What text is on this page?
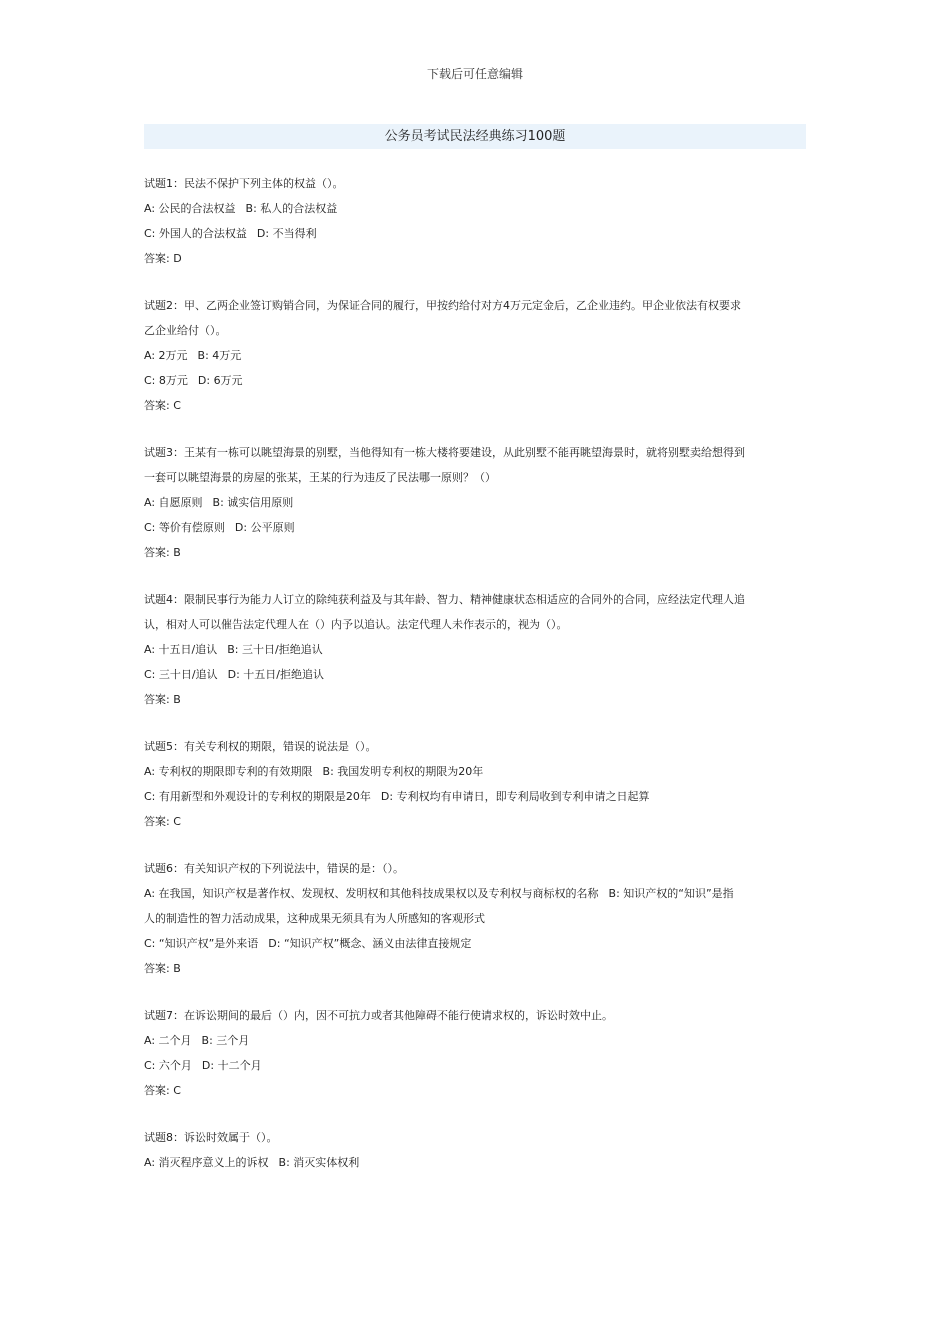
下载后可任意编辑
公务员考试民法经典练习100题

试题1：民法不保护下列主体的权益（）。

A: 公民的合法权益 B: 私人的合法权益

C: 外国人的合法权益 D: 不当得利

答案: D

试题2：甲、乙两企业签订购销合同，为保证合同的履行，甲按约给付对方4万元定金后，乙企业违约。甲企业依法有权要求

乙企业给付（）。

A: 2万元 B: 4万元

C: 8万元 D: 6万元

答案: C

试题3：王某有一栋可以眺望海景的别墅，当他得知有一栋大楼将要建设，从此别墅不能再眺望海景时，就将别墅卖给想得到

一套可以眺望海景的房屋的张某，王某的行为违反了民法哪一原则？（）

A: 自愿原则 B: 诚实信用原则

C: 等价有偿原则 D: 公平原则

答案: B

试题4：限制民事行为能力人订立的除纯获利益及与其年龄、智力、精神健康状态相适应的合同外的合同，应经法定代理人追

认，相对人可以催告法定代理人在（）内予以追认。法定代理人未作表示的，视为（）。

A: 十五日/追认 B: 三十日/拒绝追认

C: 三十日/追认 D: 十五日/拒绝追认

答案: B

试题5：有关专利权的期限，错误的说法是（）。

A: 专利权的期限即专利的有效期限 B: 我国发明专利权的期限为20年

C: 有用新型和外观设计的专利权的期限是20年 D: 专利权均有申请日，即专利局收到专利申请之日起算

答案: C

试题6：有关知识产权的下列说法中，错误的是：（）。

A: 在我国，知识产权是著作权、发现权、发明权和其他科技成果权以及专利权与商标权的名称 B: 知识产权的“知识”是指

人的制造性的智力活动成果，这种成果无须具有为人所感知的客观形式

C: “知识产权”是外来语 D: “知识产权”概念、涵义由法律直接规定

答案: B

试题7：在诉讼期间的最后（）内，因不可抗力或者其他障碍不能行使请求权的，诉讼时效中止。

A: 二个月 B: 三个月

C: 六个月 D: 十二个月

答案: C

试题8：诉讼时效属于（）。

A: 消灭程序意义上的诉权 B: 消灭实体权利
